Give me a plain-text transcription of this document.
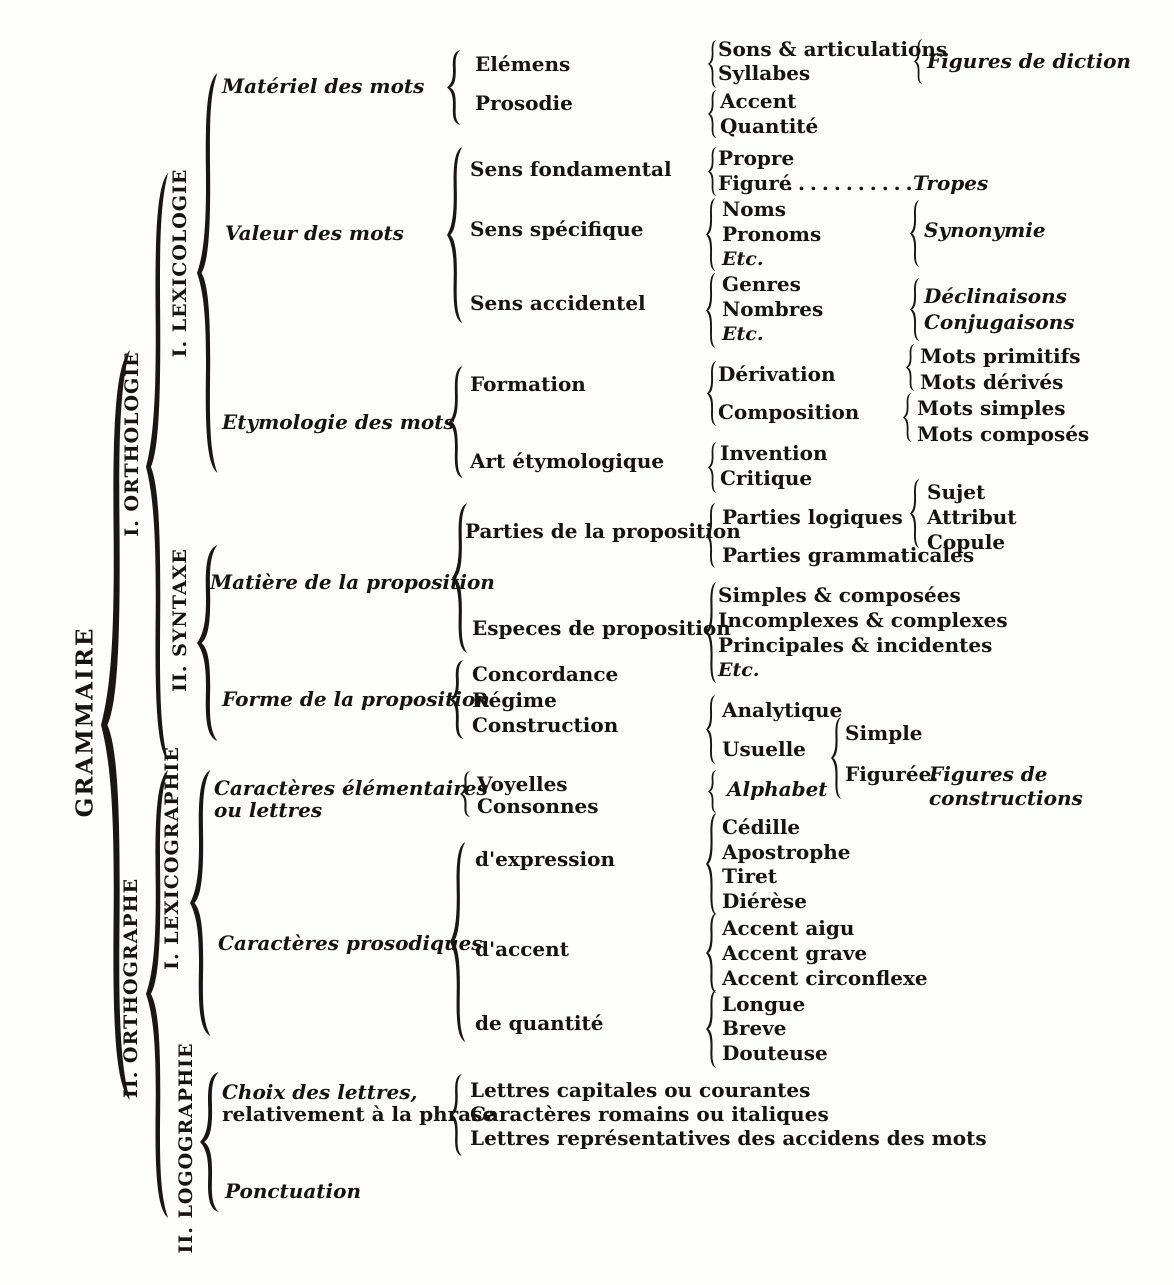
GRAMMAIRE
I. ORTHOLOGIE
I. LEXICOLOGIE
II. SYNTAXE
II. ORTHOGRAPHE
I. LEXICOGRAPHIE
II. LOGOGRAPHIE
Matériel des mots
Valeur des mots
Etymologie des mots
Elémens
Prosodie
Sons & articulations
Syllabes	Figures de diction
Accent
Quantité
Sens fondamental Propre
Figuré
...........
Tropes
Sens spécifique
Noms
Pronoms
Etc.
Synonymie
Sens accidentel
Genres
Nombres
Etc.
Déclinaisons
Conjugaisons
Formation	Dérivation
Composition
Mots primitifs
Mots dérivés
Mots simples
Mots composés
Art étymologique	Invention
Critique
Matière de la proposition
Parties de la proposition
Parties logiques
Parties grammaticales
Sujet
Attribut
Copule
Especes de proposition
Simples & composées
Incomplexes & complexes
Principales & incidentes
Etc.
Forme de la proposition
Concordance
Régime
Construction
Analytique
Usuelle
Simple
Figurée.
Figures de
constructions
Caractères élémentaires
ou lettres
Voyelles
Consonnes
Alphabet
Caractères prosodiques
d'expression
Cédille
Apostrophe
Tiret
Diérèse
d'accent
Accent aigu
Accent grave
Accent circonflexe
de quantité
Longue
Breve
Douteuse
Choix des lettres,
relativement à la phrase
Lettres capitales ou courantes
Caractères romains ou italiques
Lettres représentatives des accidens des mots
Ponctuation
